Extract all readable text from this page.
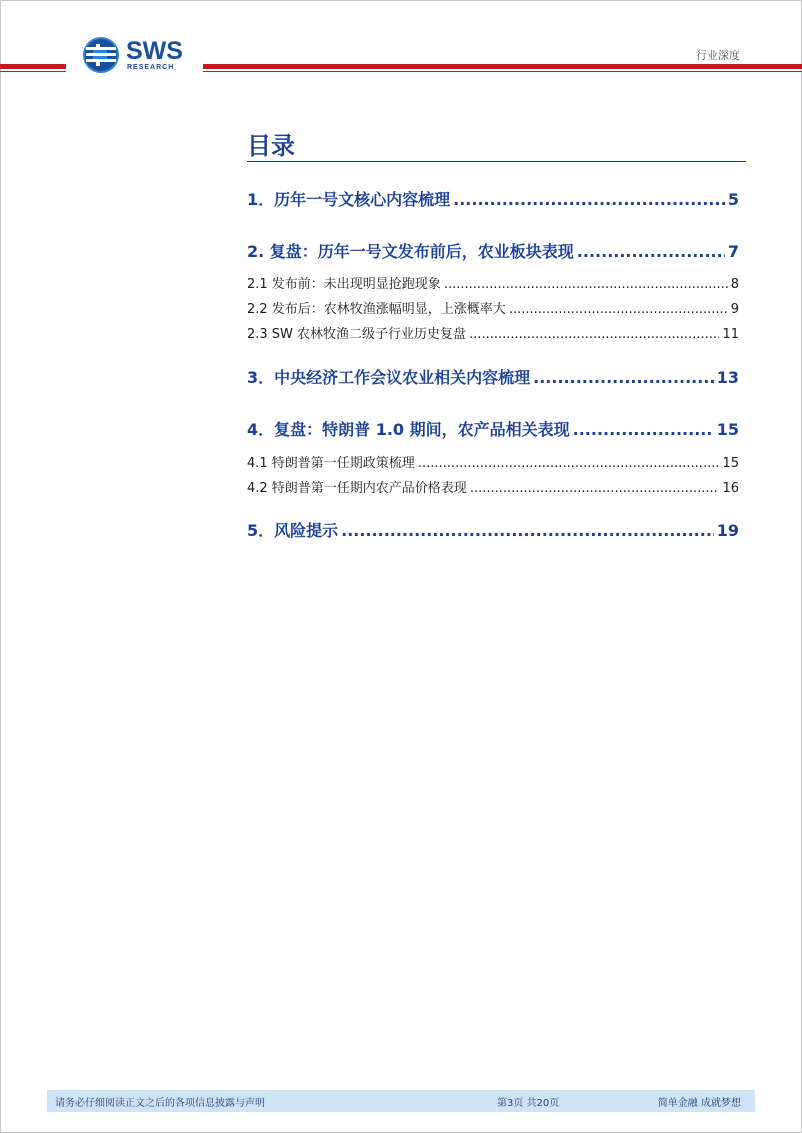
SWS
RESEARCH
行业深度
目录
1．历年一号文核心内容梳理 .....	5
2. 复盘：历年一号文发布前后，农业板块表现 .....	7
2.1 发布前：未出现明显抢跑现象 .....	8
2.2 发布后：农林牧渔涨幅明显，上涨概率大 .....	9
2.3 SW 农林牧渔二级子行业历史复盘 .....	11
3．中央经济工作会议农业相关内容梳理 .....	13
4．复盘：特朗普 1.0 期间，农产品相关表现 .....	15
4.1 特朗普第一任期政策梳理 .....	15
4.2 特朗普第一任期内农产品价格表现 .....	16
5．风险提示 .....	19
请务必仔细阅读正文之后的各项信息披露与声明	第3页 共20页	简单金融 成就梦想
